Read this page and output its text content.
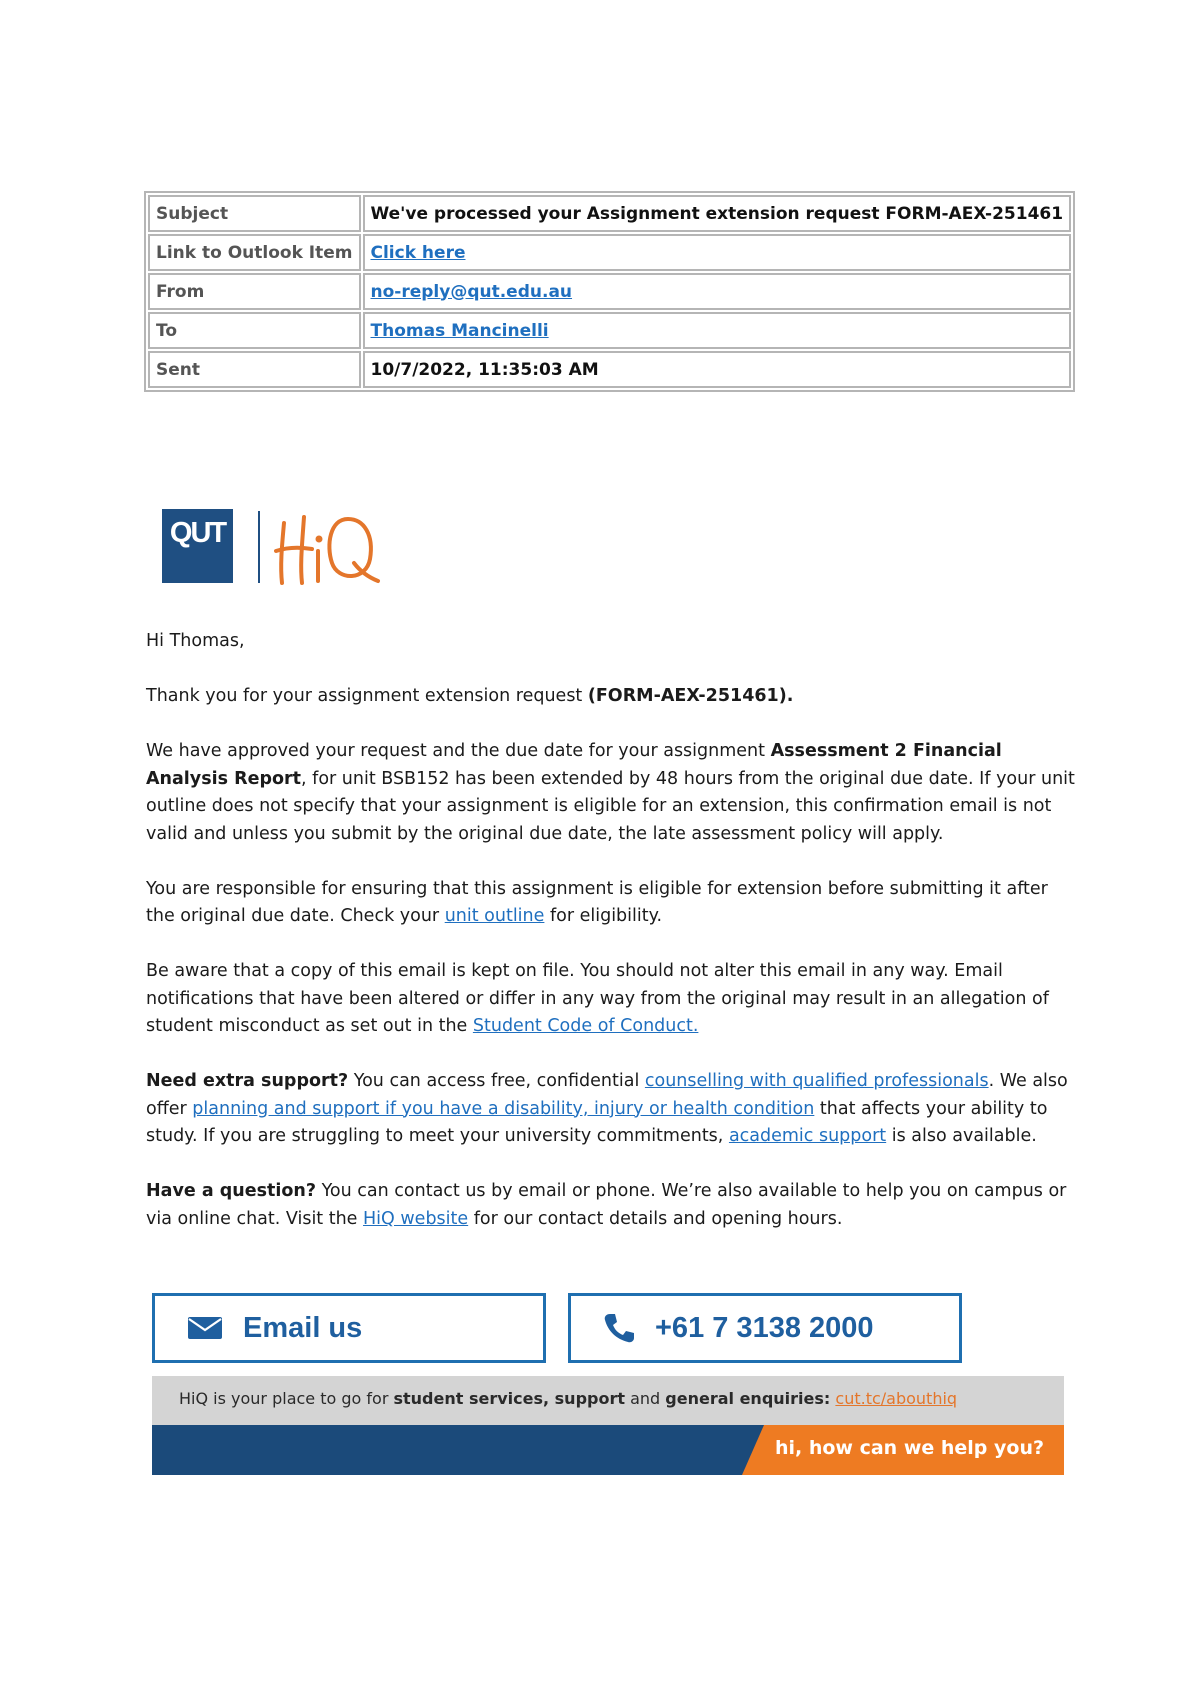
Subject	We've processed your Assignment extension request FORM-AEX-251461
Link to Outlook Item	Click here
From	no-reply@qut.edu.au
To	Thomas Mancinelli
Sent	10/7/2022, 11:35:03 AM
QUT

Hi Thomas,

Thank you for your assignment extension request (FORM-AEX-251461).

We have approved your request and the due date for your assignment Assessment 2 Financial Analysis Report, for unit BSB152 has been extended by 48 hours from the original due date. If your unit outline does not specify that your assignment is eligible for an extension, this confirmation email is not valid and unless you submit by the original due date, the late assessment policy will apply.

You are responsible for ensuring that this assignment is eligible for extension before submitting it after the original due date. Check your unit outline for eligibility.

Be aware that a copy of this email is kept on file. You should not alter this email in any way. Email notifications that have been altered or differ in any way from the original may result in an allegation of student misconduct as set out in the Student Code of Conduct.

Need extra support? You can access free, confidential counselling with qualified professionals. We also offer planning and support if you have a disability, injury or health condition that affects your ability to study. If you are struggling to meet your university commitments, academic support is also available.

Have a question? You can contact us by email or phone. We’re also available to help you on campus or via online chat. Visit the HiQ website for our contact details and opening hours.

Email us	+61 7 3138 2000
HiQ is your place to go for student services, support and general enquiries: cut.tc/abouthiq
hi, how can we help you?
